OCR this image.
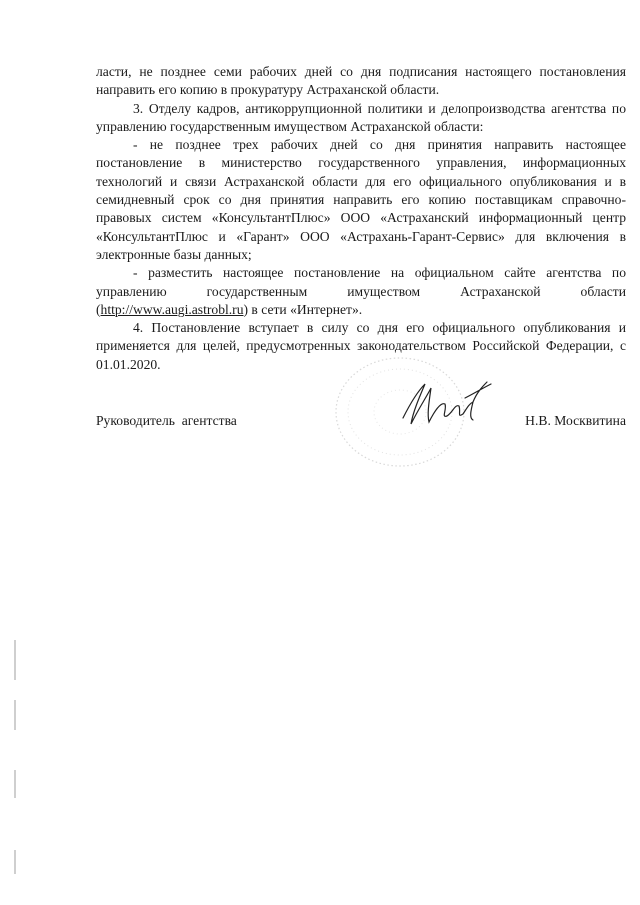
ласти, не позднее семи рабочих дней со дня подписания настоящего постановления направить его копию в прокуратуру Астраханской области.

3. Отделу кадров, антикоррупционной политики и делопроизводства агентства по управлению государственным имуществом Астраханской области:

- не позднее трех рабочих дней со дня принятия направить настоящее постановление в министерство государственного управления, информационных технологий и связи Астраханской области для его официального опубликования и в семидневный срок со дня принятия направить его копию поставщикам справочно-правовых систем «КонсультантПлюс» ООО «Астраханский информационный центр «КонсультантПлюс и «Гарант» ООО «Астрахань-Гарант-Сервис» для включения в электронные базы данных;

- разместить настоящее постановление на официальном сайте агентства по управлению государственным имуществом Астраханской области (http://www.augi.astrobl.ru) в сети «Интернет».

4. Постановление вступает в силу со дня его официального опубликования и применяется для целей, предусмотренных законодательством Российской Федерации, с 01.01.2020.

Руководитель  агентства	Н.В. Москвитина
